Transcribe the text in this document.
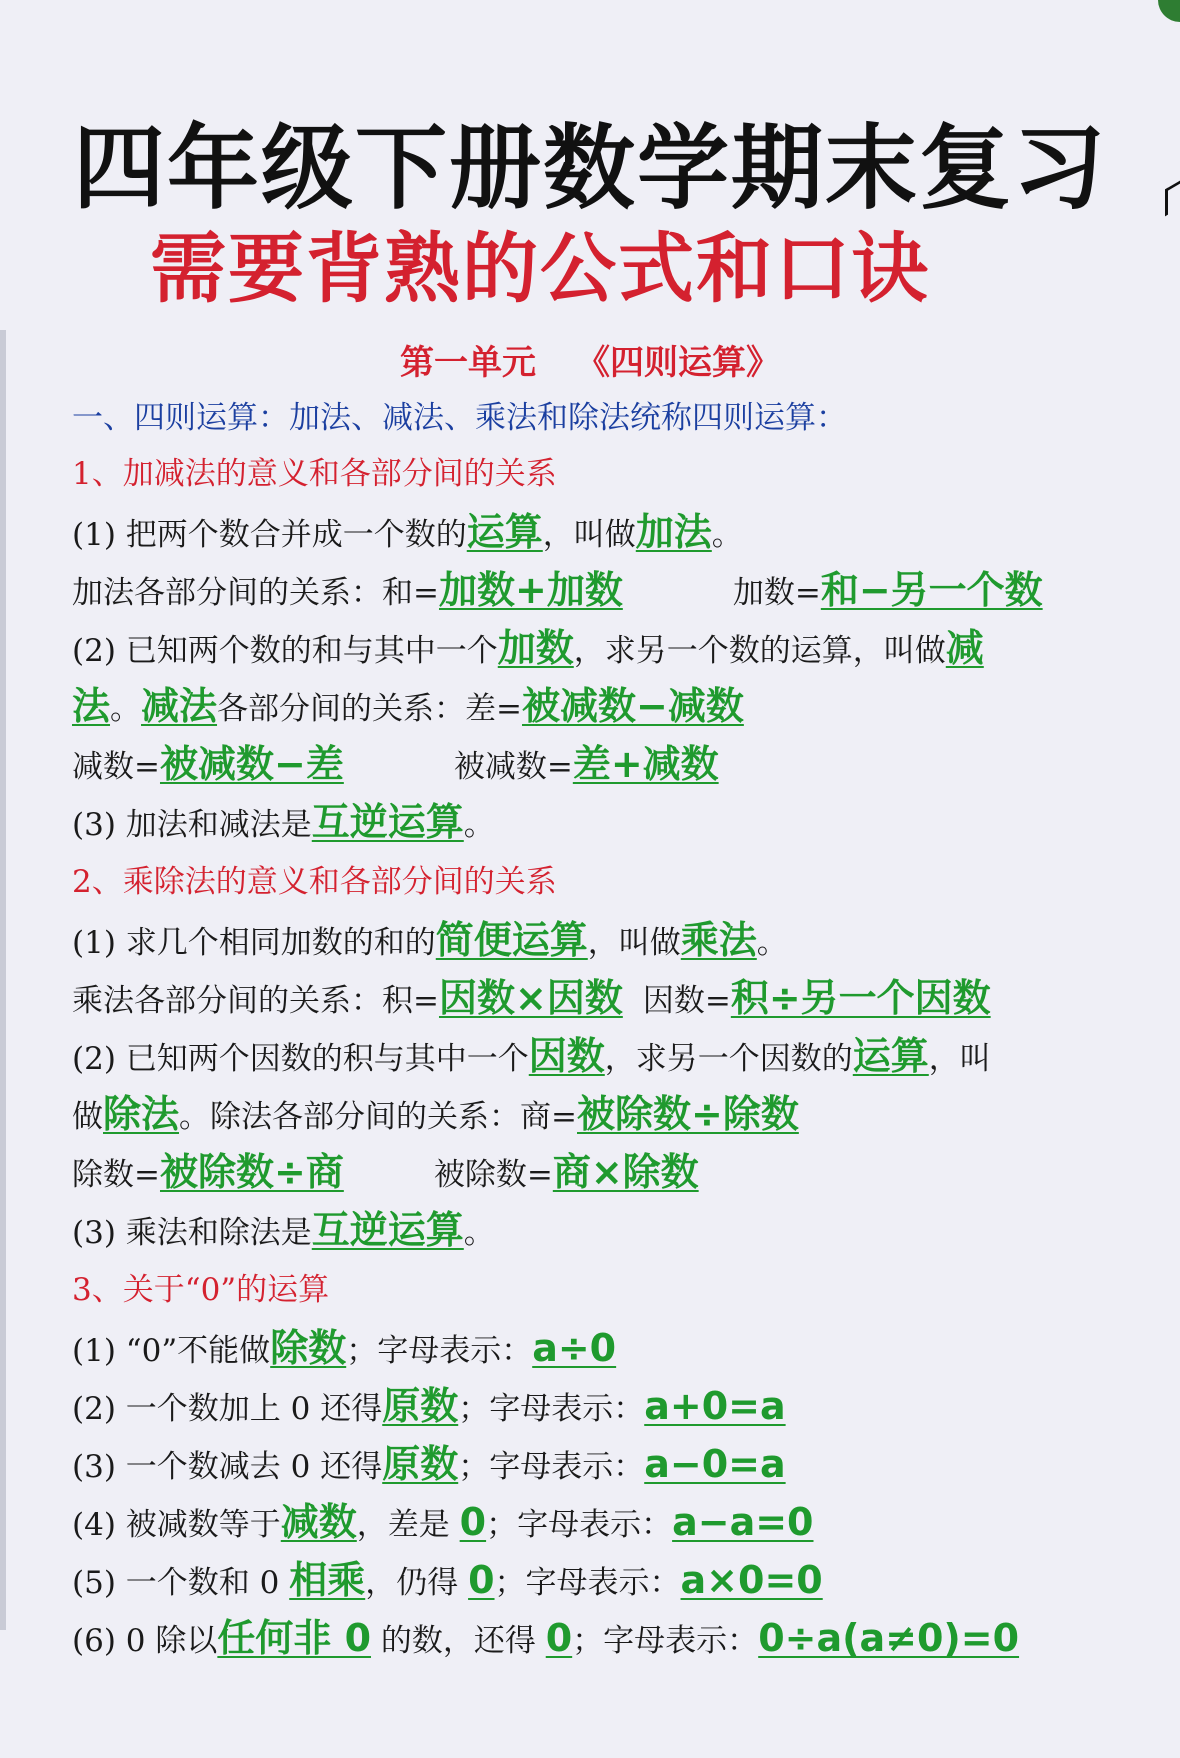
四年级下册数学期末复习
需要背熟的公式和口诀
第一单元 《四则运算》
一、四则运算：加法、减法、乘法和除法统称四则运算：
1、加减法的意义和各部分间的关系
(1) 把两个数合并成一个数的运算，叫做加法。
加法各部分间的关系：和=加数+加数	加数=和−另一个数
(2) 已知两个数的和与其中一个加数，求另一个数的运算，叫做减
法。减法各部分间的关系：差=被减数−减数
减数=被减数−差	被减数=差+减数
(3) 加法和减法是互逆运算。
2、乘除法的意义和各部分间的关系
(1) 求几个相同加数的和的简便运算，叫做乘法。
乘法各部分间的关系：积=因数×因数 因数=积÷另一个因数
(2) 已知两个因数的积与其中一个因数，求另一个因数的运算，叫
做除法。除法各部分间的关系：商=被除数÷除数
除数=被除数÷商	被除数=商×除数
(3) 乘法和除法是互逆运算。
3、关于“0”的运算
(1) “0”不能做除数；字母表示：a÷0
(2) 一个数加上 0 还得原数；字母表示：a+0=a
(3) 一个数减去 0 还得原数；字母表示：a−0=a
(4) 被减数等于减数，差是 0；字母表示：a−a=0
(5) 一个数和 0 相乘，仍得 0；字母表示：a×0=0
(6) 0 除以任何非 0 的数，还得 0；字母表示：0÷a(a≠0)=0
